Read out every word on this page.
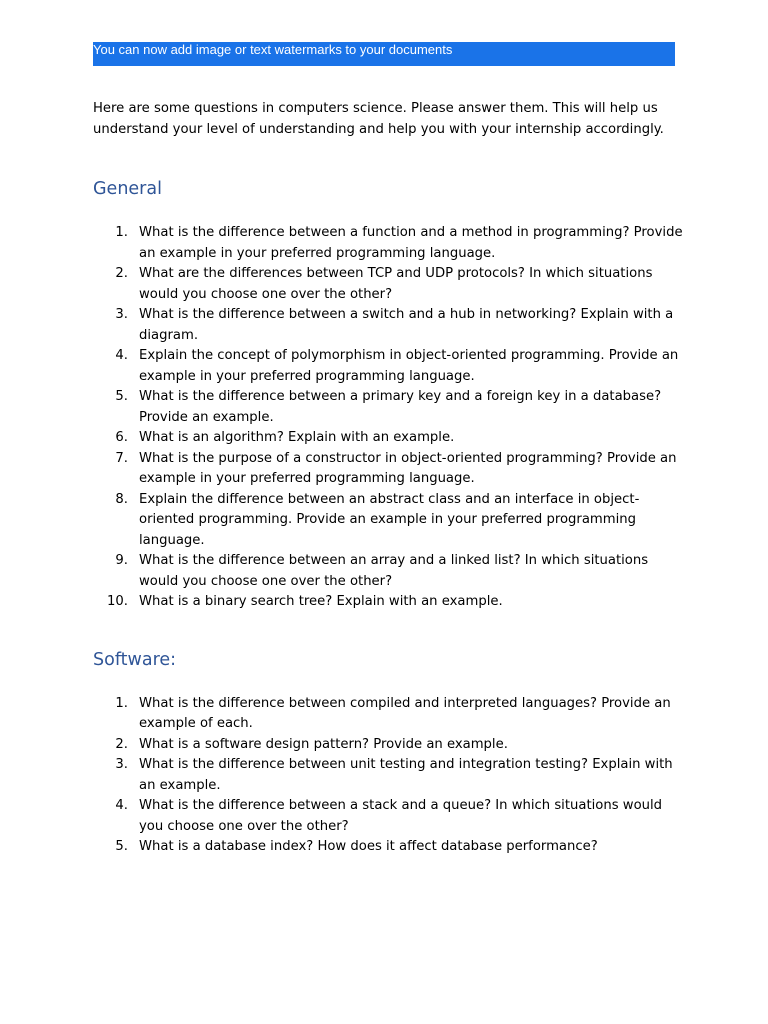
You can now add image or text watermarks to your documents

Here are some questions in computers science. Please answer them. This will help us understand your level of understanding and help you with your internship accordingly.

General
1. What is the difference between a function and a method in programming? Provide an example in your preferred programming language.
2. What are the differences between TCP and UDP protocols? In which situations would you choose one over the other?
3. What is the difference between a switch and a hub in networking? Explain with a diagram.
4. Explain the concept of polymorphism in object-oriented programming. Provide an example in your preferred programming language.
5. What is the difference between a primary key and a foreign key in a database? Provide an example.
6. What is an algorithm? Explain with an example.
7. What is the purpose of a constructor in object-oriented programming? Provide an example in your preferred programming language.
8. Explain the difference between an abstract class and an interface in object-oriented programming. Provide an example in your preferred programming language.
9. What is the difference between an array and a linked list? In which situations would you choose one over the other?
10. What is a binary search tree? Explain with an example.
Software:
1. What is the difference between compiled and interpreted languages? Provide an example of each.
2. What is a software design pattern? Provide an example.
3. What is the difference between unit testing and integration testing? Explain with an example.
4. What is the difference between a stack and a queue? In which situations would you choose one over the other?
5. What is a database index? How does it affect database performance?
